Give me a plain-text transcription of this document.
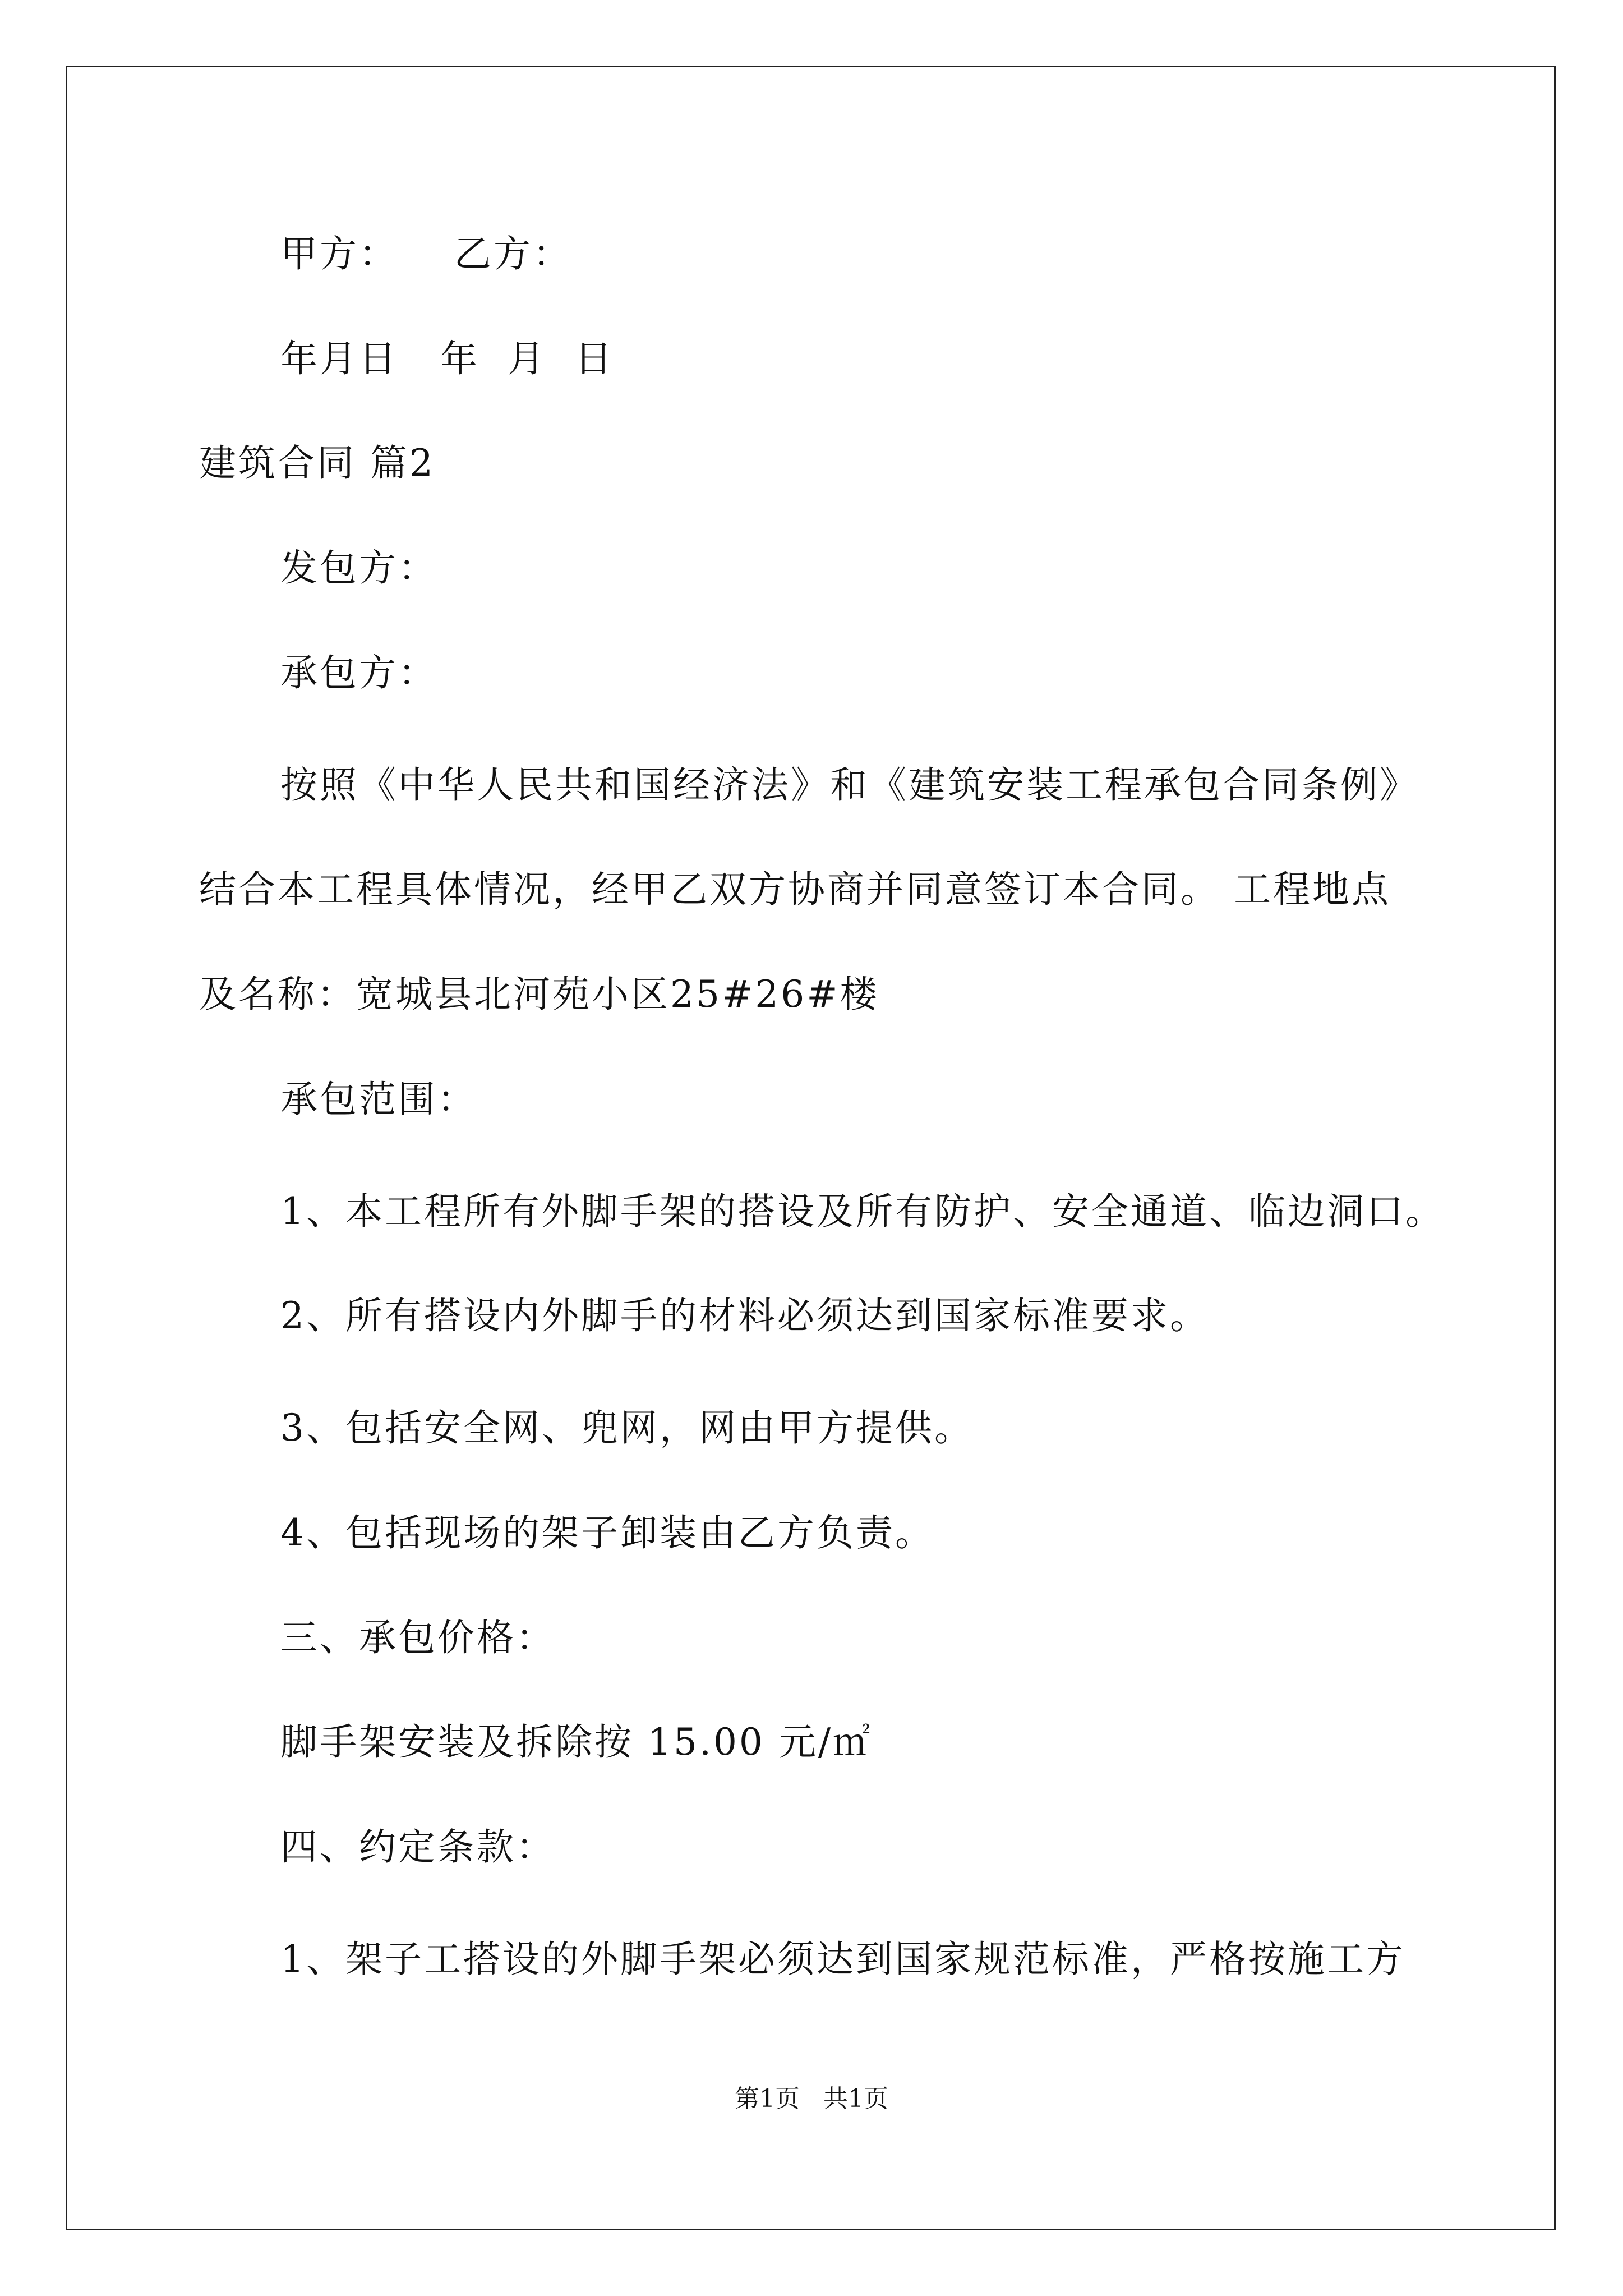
甲方：    乙方：
年月日   年  月  日
建筑合同 篇2
发包方：
承包方：
按照《中华人民共和国经济法》和《建筑安装工程承包合同条例》
结合本工程具体情况，经甲乙双方协商并同意签订本合同。 工程地点
及名称：宽城县北河苑小区25#26#楼
承包范围：
1、本工程所有外脚手架的搭设及所有防护、安全通道、临边洞口。
2、所有搭设内外脚手的材料必须达到国家标准要求。
3、包括安全网、兜网，网由甲方提供。
4、包括现场的架子卸装由乙方负责。
三、承包价格：
脚手架安装及拆除按 15.00 元/㎡
四、约定条款：
1、架子工搭设的外脚手架必须达到国家规范标准，严格按施工方
第1页   共1页
